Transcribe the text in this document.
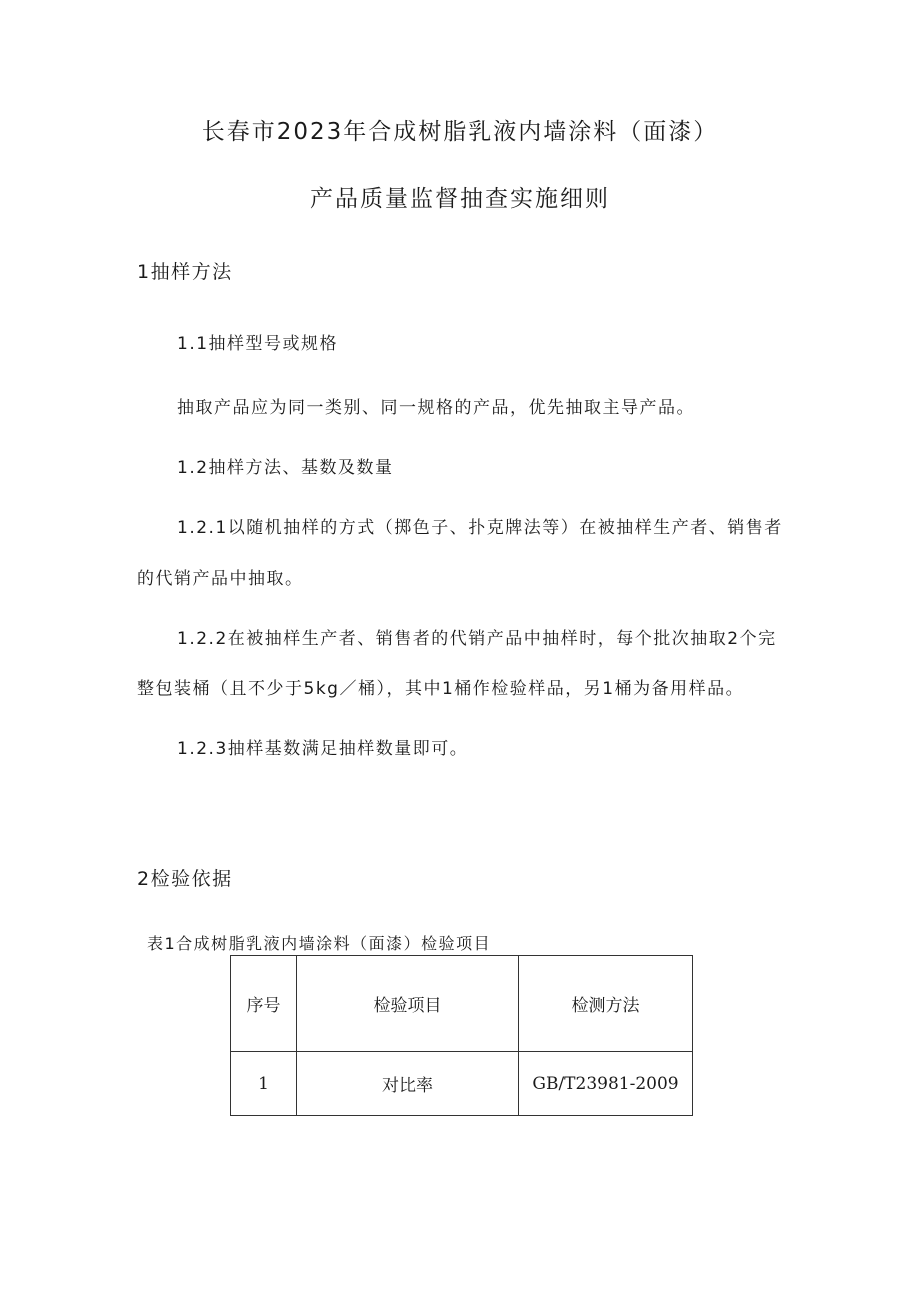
长春市2023年合成树脂乳液内墙涂料（面漆）
产品质量监督抽查实施细则
1抽样方法
1.1抽样型号或规格
抽取产品应为同一类别、同一规格的产品，优先抽取主导产品。
1.2抽样方法、基数及数量
1.2.1以随机抽样的方式（掷色子、扑克牌法等）在被抽样生产者、销售者
的代销产品中抽取。
1.2.2在被抽样生产者、销售者的代销产品中抽样时，每个批次抽取2个完
整包装桶（且不少于5kg／桶），其中1桶作检验样品，另1桶为备用样品。
1.2.3抽样基数满足抽样数量即可。
2检验依据
表1合成树脂乳液内墙涂料（面漆）检验项目
序号	检验项目	检测方法
1	对比率	GB/T23981-2009
